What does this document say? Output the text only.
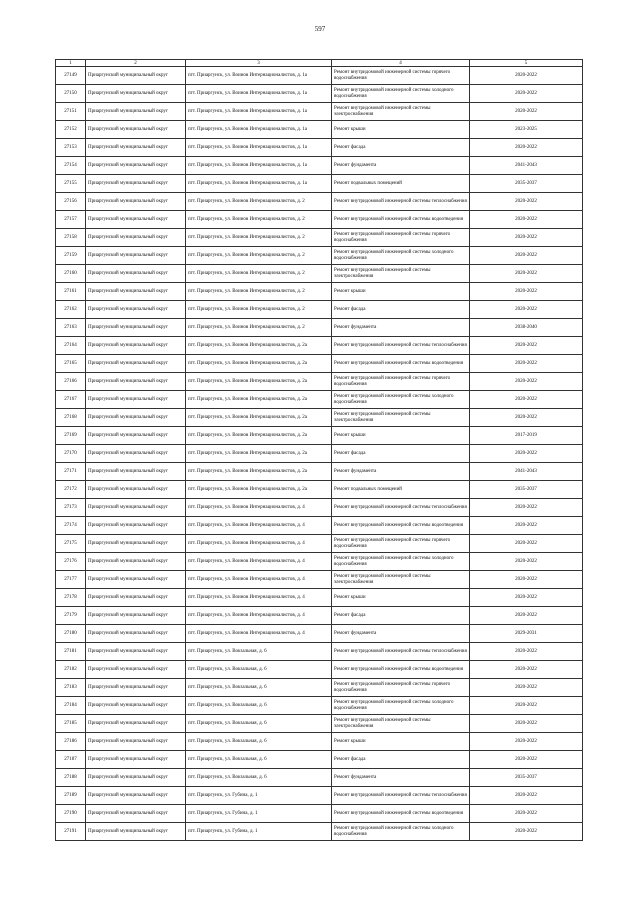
597
1	2	3	4	5
27149	Приаргунский муниципальный округ	пгт. Приаргунск, ул. Воинов Интернационалистов, д. 1а	Ремонт внутридомовой инженерной системы горячего водоснабжения	2020-2022
27150	Приаргунский муниципальный округ	пгт. Приаргунск, ул. Воинов Интернационалистов, д. 1а	Ремонт внутридомовой инженерной системы холодного водоснабжения	2020-2022
27151	Приаргунский муниципальный округ	пгт. Приаргунск, ул. Воинов Интернационалистов, д. 1а	Ремонт внутридомовой инженерной системы электроснабжения	2020-2022
27152	Приаргунский муниципальный округ	пгт. Приаргунск, ул. Воинов Интернационалистов, д. 1а	Ремонт крыши	2023-2025
27153	Приаргунский муниципальный округ	пгт. Приаргунск, ул. Воинов Интернационалистов, д. 1а	Ремонт фасада	2020-2022
27154	Приаргунский муниципальный округ	пгт. Приаргунск, ул. Воинов Интернационалистов, д. 1а	Ремонт фундамента	2041-2043
27155	Приаргунский муниципальный округ	пгт. Приаргунск, ул. Воинов Интернационалистов, д. 1а	Ремонт подвальных помещений	2035-2037
27156	Приаргунский муниципальный округ	пгт. Приаргунск, ул. Воинов Интернационалистов, д. 2	Ремонт внутридомовой инженерной системы теплоснабжения	2020-2022
27157	Приаргунский муниципальный округ	пгт. Приаргунск, ул. Воинов Интернационалистов, д. 2	Ремонт внутридомовой инженерной системы водоотведения	2020-2022
27158	Приаргунский муниципальный округ	пгт. Приаргунск, ул. Воинов Интернационалистов, д. 2	Ремонт внутридомовой инженерной системы горячего водоснабжения	2020-2022
27159	Приаргунский муниципальный округ	пгт. Приаргунск, ул. Воинов Интернационалистов, д. 2	Ремонт внутридомовой инженерной системы холодного водоснабжения	2020-2022
27160	Приаргунский муниципальный округ	пгт. Приаргунск, ул. Воинов Интернационалистов, д. 2	Ремонт внутридомовой инженерной системы электроснабжения	2020-2022
27161	Приаргунский муниципальный округ	пгт. Приаргунск, ул. Воинов Интернационалистов, д. 2	Ремонт крыши	2020-2022
27162	Приаргунский муниципальный округ	пгт. Приаргунск, ул. Воинов Интернационалистов, д. 2	Ремонт фасада	2020-2022
27163	Приаргунский муниципальный округ	пгт. Приаргунск, ул. Воинов Интернационалистов, д. 2	Ремонт фундамента	2038-2040
27164	Приаргунский муниципальный округ	пгт. Приаргунск, ул. Воинов Интернационалистов, д. 2а	Ремонт внутридомовой инженерной системы теплоснабжения	2020-2022
27165	Приаргунский муниципальный округ	пгт. Приаргунск, ул. Воинов Интернационалистов, д. 2а	Ремонт внутридомовой инженерной системы водоотведения	2020-2022
27166	Приаргунский муниципальный округ	пгт. Приаргунск, ул. Воинов Интернационалистов, д. 2а	Ремонт внутридомовой инженерной системы горячего водоснабжения	2020-2022
27167	Приаргунский муниципальный округ	пгт. Приаргунск, ул. Воинов Интернационалистов, д. 2а	Ремонт внутридомовой инженерной системы холодного водоснабжения	2020-2022
27168	Приаргунский муниципальный округ	пгт. Приаргунск, ул. Воинов Интернационалистов, д. 2а	Ремонт внутридомовой инженерной системы электроснабжения	2020-2022
27169	Приаргунский муниципальный округ	пгт. Приаргунск, ул. Воинов Интернационалистов, д. 2а	Ремонт крыши	2017-2019
27170	Приаргунский муниципальный округ	пгт. Приаргунск, ул. Воинов Интернационалистов, д. 2а	Ремонт фасада	2020-2022
27171	Приаргунский муниципальный округ	пгт. Приаргунск, ул. Воинов Интернационалистов, д. 2а	Ремонт фундамента	2041-2043
27172	Приаргунский муниципальный округ	пгт. Приаргунск, ул. Воинов Интернационалистов, д. 2а	Ремонт подвальных помещений	2035-2037
27173	Приаргунский муниципальный округ	пгт. Приаргунск, ул. Воинов Интернационалистов, д. 4	Ремонт внутридомовой инженерной системы теплоснабжения	2020-2022
27174	Приаргунский муниципальный округ	пгт. Приаргунск, ул. Воинов Интернационалистов, д. 4	Ремонт внутридомовой инженерной системы водоотведения	2020-2022
27175	Приаргунский муниципальный округ	пгт. Приаргунск, ул. Воинов Интернационалистов, д. 4	Ремонт внутридомовой инженерной системы горячего водоснабжения	2020-2022
27176	Приаргунский муниципальный округ	пгт. Приаргунск, ул. Воинов Интернационалистов, д. 4	Ремонт внутридомовой инженерной системы холодного водоснабжения	2020-2022
27177	Приаргунский муниципальный округ	пгт. Приаргунск, ул. Воинов Интернационалистов, д. 4	Ремонт внутридомовой инженерной системы электроснабжения	2020-2022
27178	Приаргунский муниципальный округ	пгт. Приаргунск, ул. Воинов Интернационалистов, д. 4	Ремонт крыши	2020-2022
27179	Приаргунский муниципальный округ	пгт. Приаргунск, ул. Воинов Интернационалистов, д. 4	Ремонт фасада	2020-2022
27180	Приаргунский муниципальный округ	пгт. Приаргунск, ул. Воинов Интернационалистов, д. 4	Ремонт фундамента	2029-2031
27181	Приаргунский муниципальный округ	пгт. Приаргунск, ул. Вокзальная, д. 6	Ремонт внутридомовой инженерной системы теплоснабжения	2020-2022
27182	Приаргунский муниципальный округ	пгт. Приаргунск, ул. Вокзальная, д. 6	Ремонт внутридомовой инженерной системы водоотведения	2020-2022
27183	Приаргунский муниципальный округ	пгт. Приаргунск, ул. Вокзальная, д. 6	Ремонт внутридомовой инженерной системы горячего водоснабжения	2020-2022
27184	Приаргунский муниципальный округ	пгт. Приаргунск, ул. Вокзальная, д. 6	Ремонт внутридомовой инженерной системы холодного водоснабжения	2020-2022
27185	Приаргунский муниципальный округ	пгт. Приаргунск, ул. Вокзальная, д. 6	Ремонт внутридомовой инженерной системы электроснабжения	2020-2022
27186	Приаргунский муниципальный округ	пгт. Приаргунск, ул. Вокзальная, д. 6	Ремонт крыши	2020-2022
27187	Приаргунский муниципальный округ	пгт. Приаргунск, ул. Вокзальная, д. 6	Ремонт фасада	2020-2022
27188	Приаргунский муниципальный округ	пгт. Приаргунск, ул. Вокзальная, д. 6	Ремонт фундамента	2035-2037
27189	Приаргунский муниципальный округ	пгт. Приаргунск, ул. Губина, д. 1	Ремонт внутридомовой инженерной системы теплоснабжения	2020-2022
27190	Приаргунский муниципальный округ	пгт. Приаргунск, ул. Губина, д. 1	Ремонт внутридомовой инженерной системы водоотведения	2020-2022
27191	Приаргунский муниципальный округ	пгт. Приаргунск, ул. Губина, д. 1	Ремонт внутридомовой инженерной системы холодного водоснабжения	2020-2022
